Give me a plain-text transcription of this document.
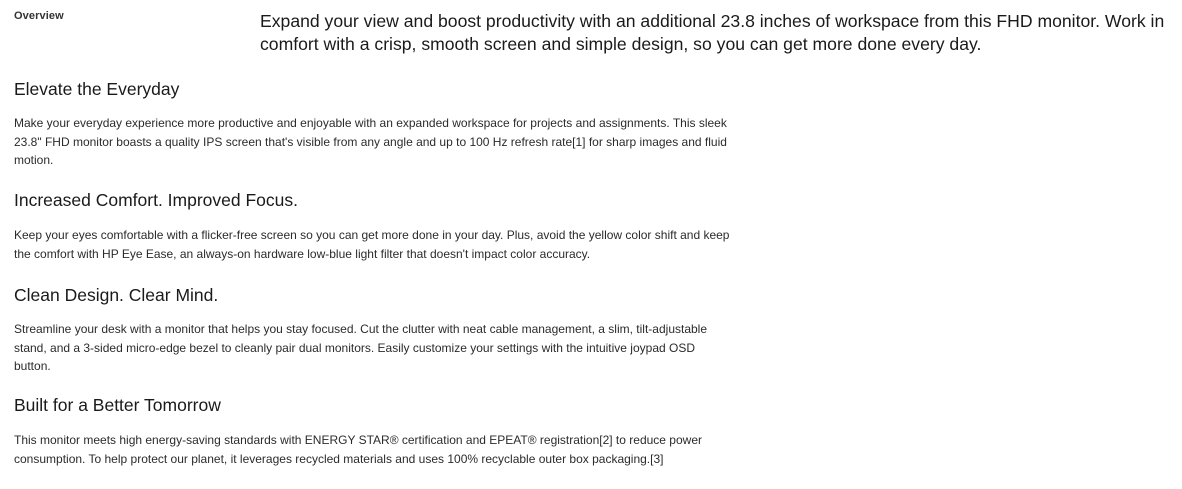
Overview	Expand your view and boost productivity with an additional 23.8 inches of workspace from this FHD monitor. Work in comfort with a crisp, smooth screen and simple design, so you can get more done every day.
Elevate the Everyday

Make your everyday experience more productive and enjoyable with an expanded workspace for projects and assignments. This sleek 23.8" FHD monitor boasts a quality IPS screen that's visible from any angle and up to 100 Hz refresh rate[1] for sharp images and fluid motion.

Increased Comfort. Improved Focus.

Keep your eyes comfortable with a flicker-free screen so you can get more done in your day. Plus, avoid the yellow color shift and keep the comfort with HP Eye Ease, an always-on hardware low-blue light filter that doesn't impact color accuracy.

Clean Design. Clear Mind.

Streamline your desk with a monitor that helps you stay focused. Cut the clutter with neat cable management, a slim, tilt-adjustable stand, and a 3-sided micro-edge bezel to cleanly pair dual monitors. Easily customize your settings with the intuitive joypad OSD button.

Built for a Better Tomorrow

This monitor meets high energy-saving standards with ENERGY STAR® certification and EPEAT® registration[2] to reduce power consumption. To help protect our planet, it leverages recycled materials and uses 100% recyclable outer box packaging.[3]
